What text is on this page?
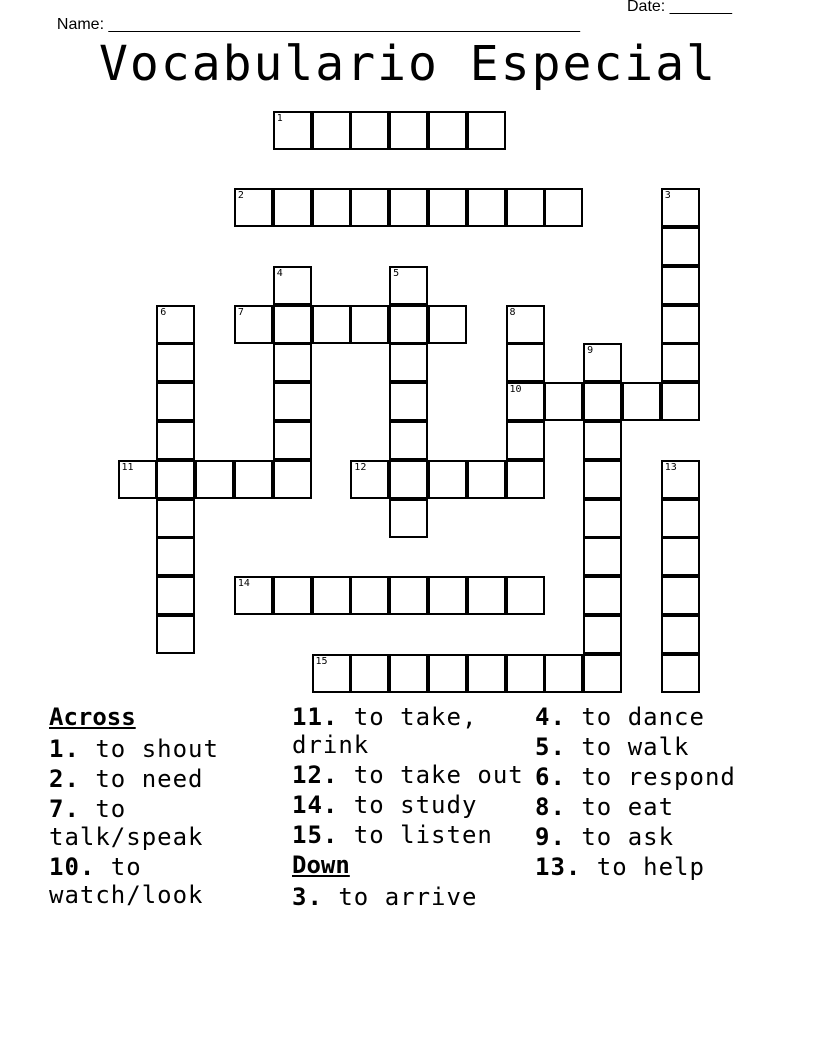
Name: _____________________________________________________

Date: _______

Vocabulario Especial
1
2	3
4	5
6	7	8
10
9
11	12	13
14
15
Across
1. to shout
2. to need
7. to talk/speak
10. to watch/look
11. to take, drink
12. to take out
14. to study
15. to listen
Down
3. to arrive
4. to dance
5. to walk
6. to respond
8. to eat
9. to ask
13. to help
